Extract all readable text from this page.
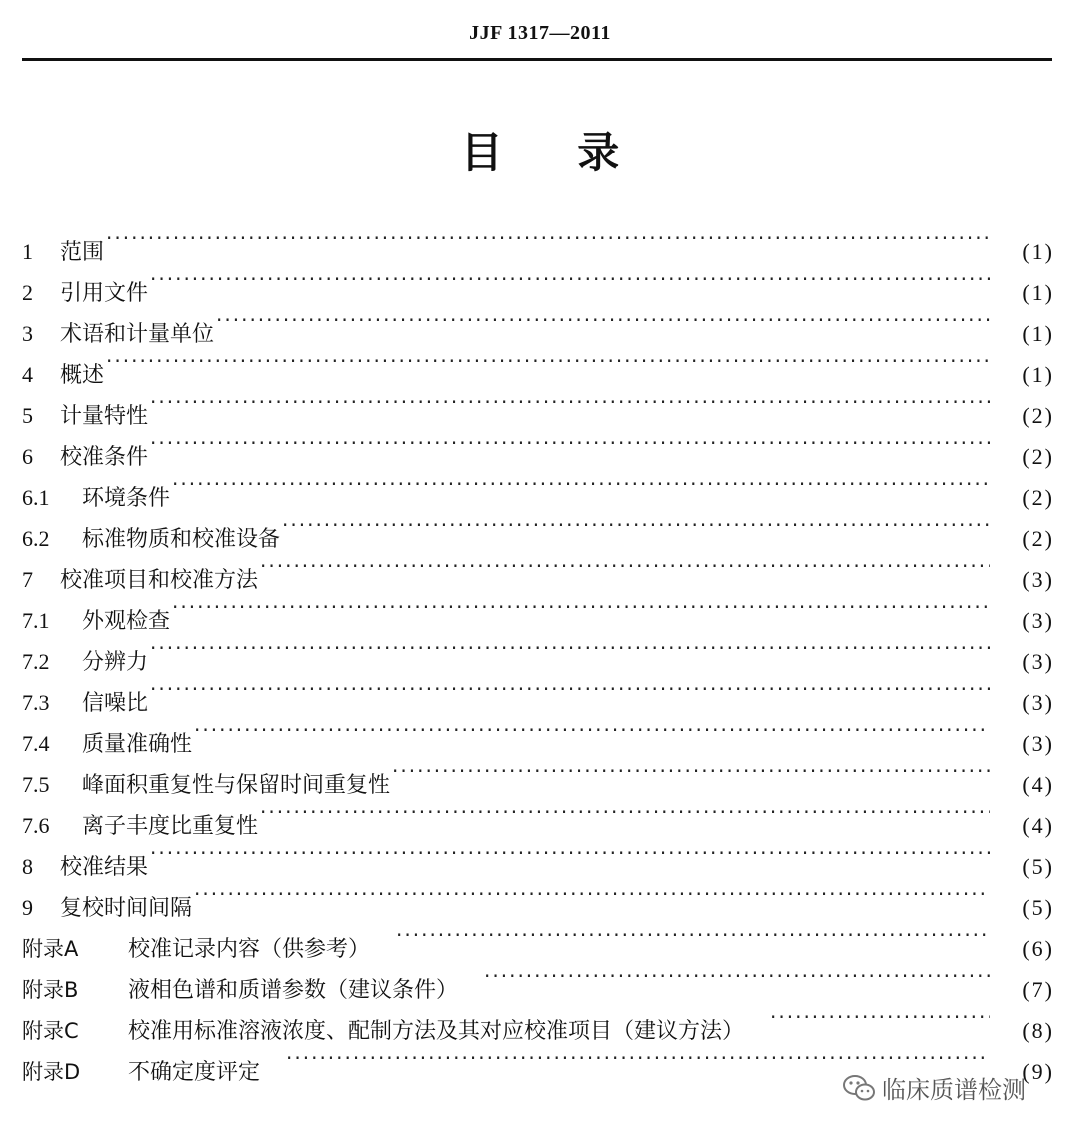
JJF 1317—2011
目 录
1	范围 ·····	(1)
2	引用文件 ·····	(1)
3	术语和计量单位 ·····	(1)
4	概述 ·····	(1)
5	计量特性 ·····	(2)
6	校准条件 ·····	(2)
6.1	环境条件 ·····	(2)
6.2	标准物质和校准设备 ·····	(2)
7	校准项目和校准方法 ·····	(3)
7.1	外观检查 ·····	(3)
7.2	分辨力 ·····	(3)
7.3	信噪比 ·····	(3)
7.4	质量准确性 ·····	(3)
7.5	峰面积重复性与保留时间重复性 ·····	(4)
7.6	离子丰度比重复性 ·····	(4)
8	校准结果 ·····	(5)
9	复校时间间隔 ·····	(5)
附录A	校准记录内容（供参考） ·····	(6)
附录B	液相色谱和质谱参数（建议条件） ·····	(7)
附录C	校准用标准溶液浓度、配制方法及其对应校准项目（建议方法） ·····	(8)
附录D	不确定度评定 ·····	(9)
临床质谱检测
